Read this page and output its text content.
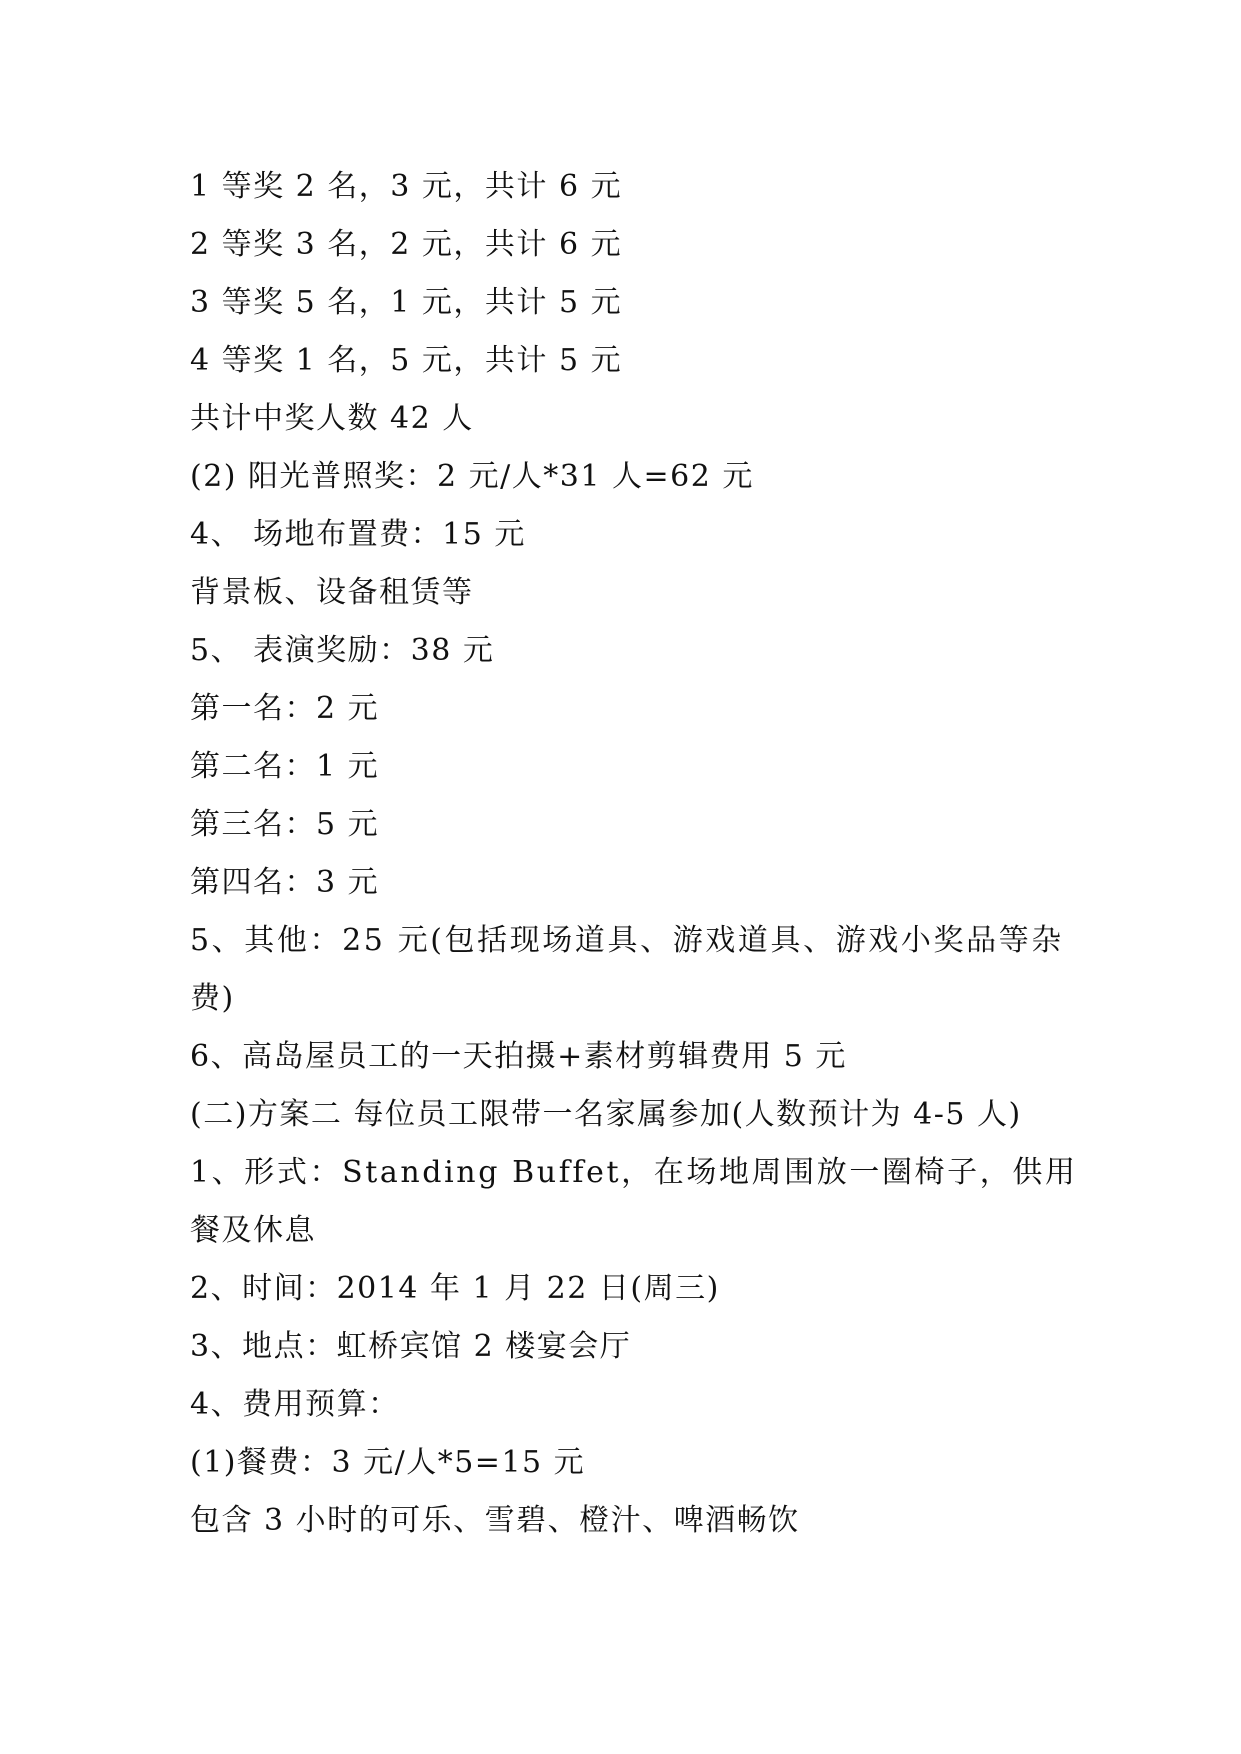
1 等奖 2 名，3 元，共计 6 元
2 等奖 3 名，2 元，共计 6 元
3 等奖 5 名，1 元，共计 5 元
4 等奖 1 名，5 元，共计 5 元
共计中奖人数 42 人
(2) 阳光普照奖：2 元/人*31 人=62 元
4、 场地布置费：15 元
背景板、设备租赁等
5、 表演奖励：38 元
第一名：2 元
第二名：1 元
第三名：5 元
第四名：3 元
5、其他：25 元(包括现场道具、游戏道具、游戏小奖品等杂
费)
6、高岛屋员工的一天拍摄+素材剪辑费用 5 元
(二)方案二 每位员工限带一名家属参加(人数预计为 4-5 人)
1、形式：Standing Buffet，在场地周围放一圈椅子，供用
餐及休息
2、时间：2014 年 1 月 22 日(周三)
3、地点：虹桥宾馆 2 楼宴会厅
4、费用预算：
(1)餐费：3 元/人*5=15 元
包含 3 小时的可乐、雪碧、橙汁、啤酒畅饮
